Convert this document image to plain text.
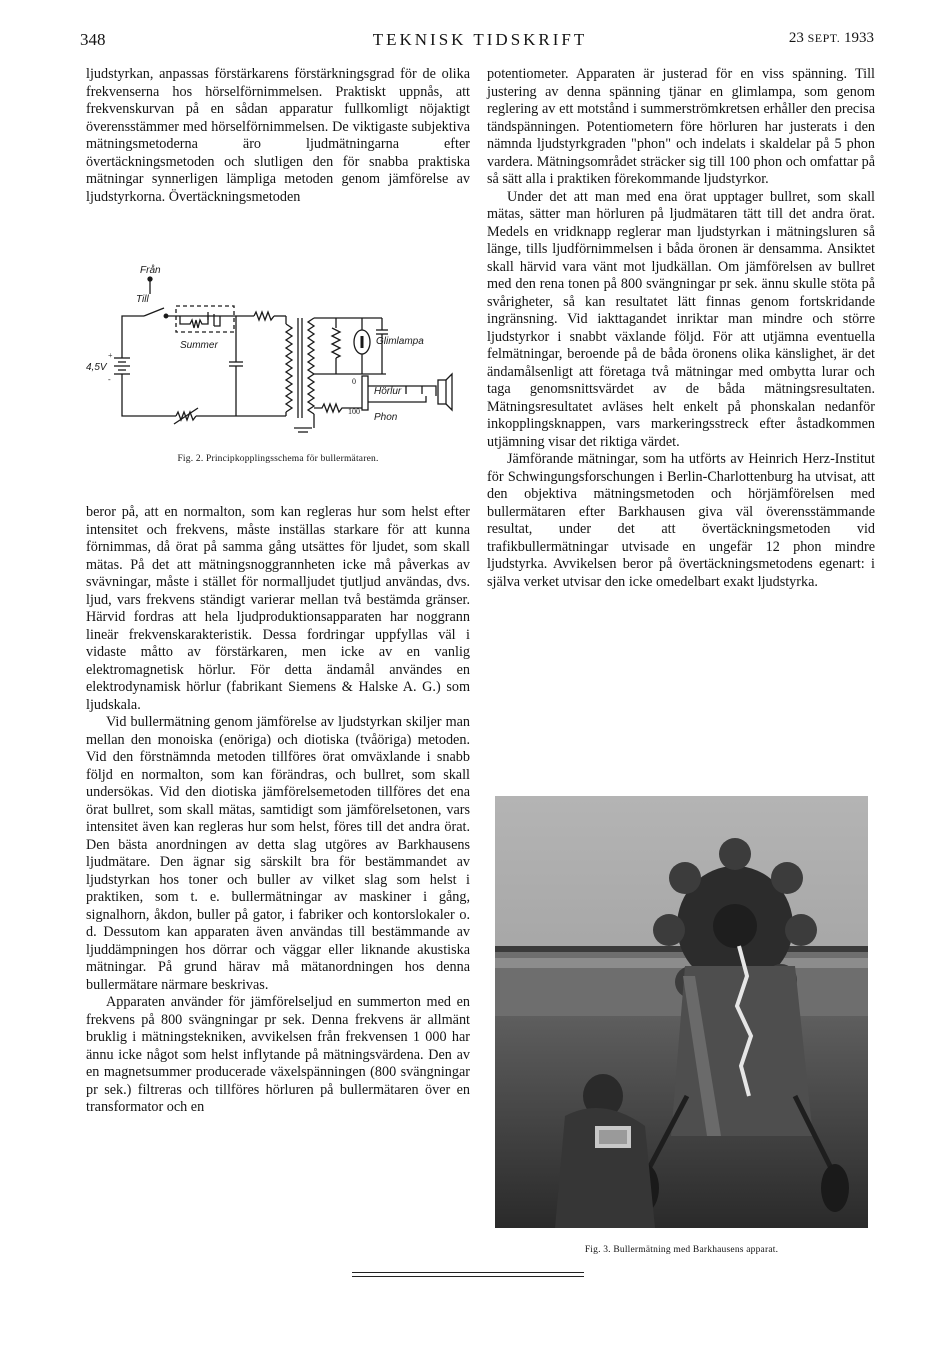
348	TEKNISK TIDSKRIFT	23 SEPT. 1933

ljudstyrkan, anpassas förstärkarens förstärkningsgrad för de olika frekvenserna hos hörselförnimmelsen. Praktiskt uppnås, att frekvenskurvan på en sådan apparatur fullkomligt nöjaktigt överensstämmer med hörselförnimmelsen. De viktigaste subjektiva mätningsmetoderna äro ljudmätningarna efter övertäckningsmetoden och slutligen den för snabba praktiska mätningar synnerligen lämpliga metoden genom jämförelse av ljudstyrkorna. Övertäckningsmetoden

Från
Till
Summer
+
-
4,5V
Glimlampa
0
100
Hörlur
Phon
Fig. 2. Principkopplingsschema för bullermätaren.

beror på, att en normalton, som kan regleras hur som helst efter intensitet och frekvens, måste inställas starkare för att kunna förnimmas, då örat på samma gång utsättes för ljudet, som skall mätas. På det att mätningsnoggrannheten icke må påverkas av svävningar, måste i stället för normalljudet tjutljud användas, dvs. ljud, vars frekvens ständigt varierar mellan två bestämda gränser. Härvid fordras att hela ljudproduktionsapparaten har noggrann lineär frekvenskarakteristik. Dessa fordringar uppfyllas väl i vidaste måtto av förstärkaren, men icke av en vanlig elektromagnetisk hörlur. För detta ändamål användes en elektrodynamisk hörlur (fabrikant Siemens & Halske A. G.) som ljudskala.

Vid bullermätning genom jämförelse av ljudstyrkan skiljer man mellan den monoiska (enöriga) och diotiska (tvåöriga) metoden. Vid den förstnämnda metoden tillföres örat omväxlande i snabb följd en normalton, som kan förändras, och bullret, som skall undersökas. Vid den diotiska jämförelsemetoden tillföres det ena örat bullret, som skall mätas, samtidigt som jämförelsetonen, vars intensitet även kan regleras hur som helst, föres till det andra örat. Den bästa anordningen av detta slag utgöres av Barkhausens ljudmätare. Den ägnar sig särskilt bra för bestämmandet av ljudstyrkan hos toner och buller av vilket slag som helst i praktiken, som t. e. bullermätningar av maskiner i gång, signalhorn, åkdon, buller på gator, i fabriker och kontorslokaler o. d. Dessutom kan apparaten även användas till bestämmande av ljuddämpningen hos dörrar och väggar eller liknande akustiska mätningar. På grund härav må mätanordningen hos denna bullermätare närmare beskrivas.

Apparaten använder för jämförelseljud en summerton med en frekvens på 800 svängningar pr sek. Denna frekvens är allmänt bruklig i mätningstekniken, avvikelsen från frekvensen 1 000 har ännu icke något som helst inflytande på mätningsvärdena. Den av en magnetsummer producerade växelspänningen (800 svängningar pr sek.) filtreras och tillföres hörluren på bullermätaren över en transformator och en

potentiometer. Apparaten är justerad för en viss spänning. Till justering av denna spänning tjänar en glimlampa, som genom reglering av ett motstånd i summerströmkretsen erhåller den precisa tändspänningen. Potentiometern före hörluren har justerats i den nämnda ljudstyrkgraden "phon" och indelats i skaldelar på 5 phon vardera. Mätningsområdet sträcker sig till 100 phon och omfattar på så sätt alla i praktiken förekommande ljudstyrkor.

Under det att man med ena örat upptager bullret, som skall mätas, sätter man hörluren på ljudmätaren tätt till det andra örat. Medels en vridknapp reglerar man ljudstyrkan i mätningsluren så länge, tills ljudförnimmelsen i båda öronen är densamma. Ansiktet skall härvid vara vänt mot ljudkällan. Om jämförelsen av bullret med den rena tonen på 800 svängningar pr sek. ännu skulle stöta på svårigheter, så kan resultatet lätt finnas genom fortskridande ingränsning. Vid iakttagandet inriktar man mindre och större ljudstyrkor i snabbt växlande följd. För att utjämna eventuella felmätningar, beroende på de båda öronens olika känslighet, är det ändamålsenligt att företaga två mätningar med ombytta lurar och taga genomsnittsvärdet av de båda mätningsresultaten. Mätningsresultatet avläses helt enkelt på phonskalan nedanför inkopplingsknappen, vars markeringsstreck efter åstadkommen utjämning visar det riktiga värdet.

Jämförande mätningar, som ha utförts av Heinrich Herz-Institut för Schwingungsforschungen i Berlin-Charlottenburg ha utvisat, att den objektiva mätningsmetoden och hörjämförelsen med bullermätaren efter Barkhausen giva väl överensstämmande resultat, under det att övertäckningsmetoden vid trafikbullermätningar utvisade en ungefär 12 phon mindre ljudstyrka. Avvikelsen beror på övertäckningsmetodens egenart: i själva verket utvisar den icke omedelbart exakt ljudstyrka.

Fig. 3. Bullermätning med Barkhausens apparat.
